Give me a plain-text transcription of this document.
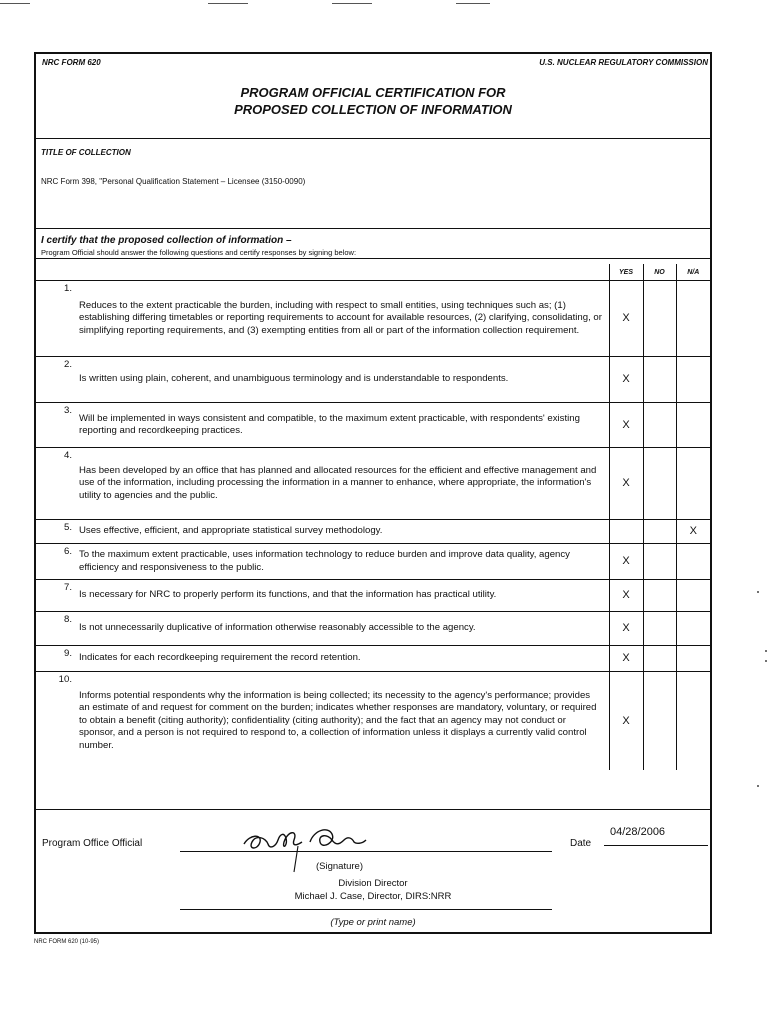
NRC FORM 620	U.S. NUCLEAR REGULATORY COMMISSION
PROGRAM OFFICIAL CERTIFICATION FOR
PROPOSED COLLECTION OF INFORMATION
TITLE OF COLLECTION
NRC Form 398, "Personal Qualification Statement – Licensee (3150-0090)
I certify that the proposed collection of information –
Program Official should answer the following questions and certify responses by signing below:
		YES	NO	N/A
1.	Reduces to the extent practicable the burden, including with respect to small entities, using techniques such as; (1) establishing differing timetables or reporting requirements to account for available resources, (2) clarifying, consolidating, or simplifying reporting requirements, and (3) exempting entities from all or part of the information collection requirement.	X		
2.	Is written using plain, coherent, and unambiguous terminology and is understandable to respondents.	X		
3.	Will be implemented in ways consistent and compatible, to the maximum extent practicable, with respondents' existing reporting and recordkeeping practices.	X		
4.	Has been developed by an office that has planned and allocated resources for the efficient and effective management and use of the information, including processing the information in a manner to enhance, where appropriate, the information's utility to agencies and the public.	X		
5.	Uses effective, efficient, and appropriate statistical survey methodology.			X
6.	To the maximum extent practicable, uses information technology to reduce burden and improve data quality, agency efficiency and responsiveness to the public.	X		
7.	Is necessary for NRC to properly perform its functions, and that the information has practical utility.	X		
8.	Is not unnecessarily duplicative of information otherwise reasonably accessible to the agency.	X		
9.	Indicates for each recordkeeping requirement the record retention.	X		
10.	Informs potential respondents why the information is being collected; its necessity to the agency's performance; provides an estimate of and request for comment on the burden; indicates whether responses are mandatory, voluntary, or required to obtain a benefit (citing authority); confidentiality (citing authority); and the fact that an agency may not conduct or sponsor, and a person is not required to respond to, a collection of information unless it displays a currently valid control number.	X		
Program Office Official	Date
04/28/2006
(Signature)
Division Director
Michael J. Case, Director, DIRS:NRR
(Type or print name)
NRC FORM 620 (10-95)
